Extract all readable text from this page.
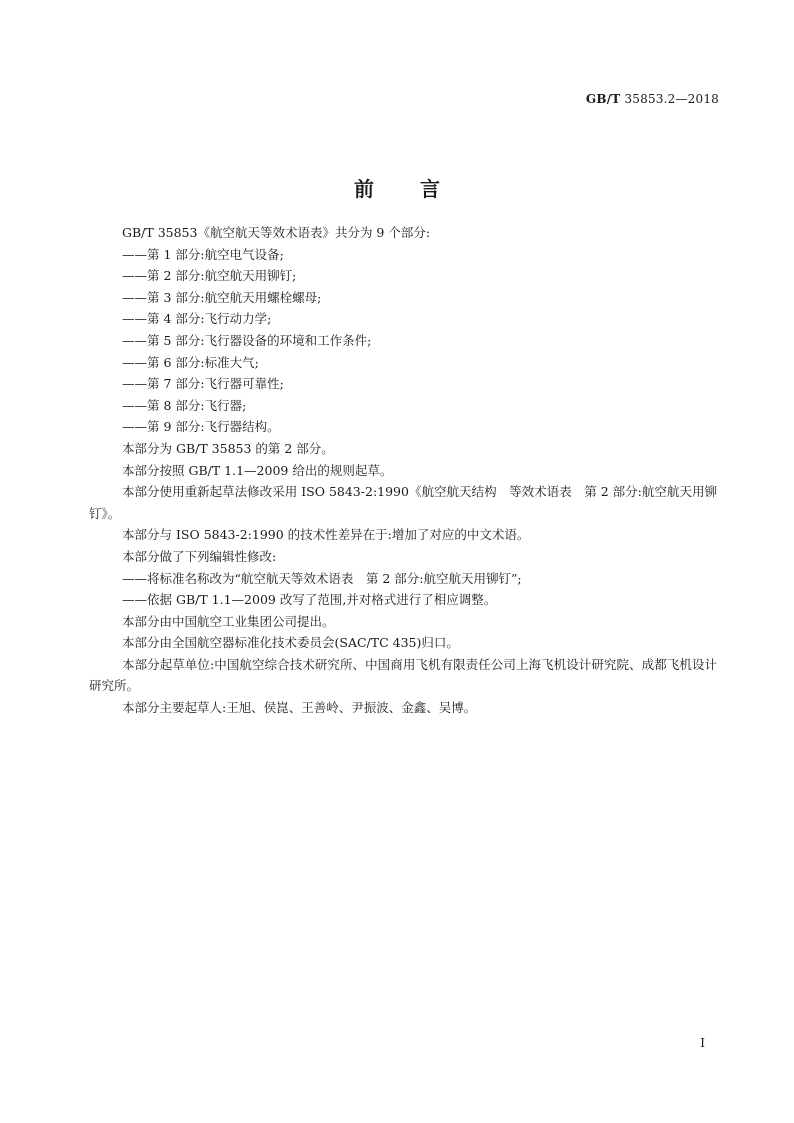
GB/T 35853.2—2018
前 言

GB/T 35853《航空航天等效术语表》共分为 9 个部分:

——第 1 部分:航空电气设备;

——第 2 部分:航空航天用铆钉;

——第 3 部分:航空航天用螺栓螺母;

——第 4 部分:飞行动力学;

——第 5 部分:飞行器设备的环境和工作条件;

——第 6 部分:标准大气;

——第 7 部分:飞行器可靠性;

——第 8 部分:飞行器;

——第 9 部分:飞行器结构。

本部分为 GB/T 35853 的第 2 部分。

本部分按照 GB/T 1.1—2009 给出的规则起草。

本部分使用重新起草法修改采用 ISO 5843-2:1990《航空航天结构　等效术语表　第 2 部分:航空航天用铆钉》。

本部分与 ISO 5843-2:1990 的技术性差异在于:增加了对应的中文术语。

本部分做了下列编辑性修改:

——将标准名称改为“航空航天等效术语表　第 2 部分:航空航天用铆钉”;

——依据 GB/T 1.1—2009 改写了范围,并对格式进行了相应调整。

本部分由中国航空工业集团公司提出。

本部分由全国航空器标准化技术委员会(SAC/TC 435)归口。

本部分起草单位:中国航空综合技术研究所、中国商用飞机有限责任公司上海飞机设计研究院、成都飞机设计研究所。

本部分主要起草人:王旭、侯崑、王善岭、尹振波、金鑫、吴博。

I
